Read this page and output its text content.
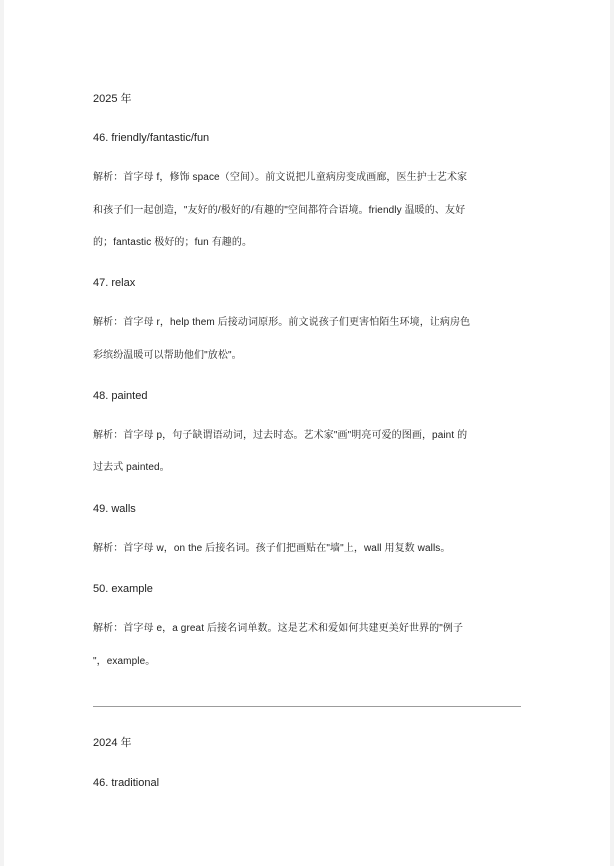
2025 年
46. friendly/fantastic/fun
解析：首字母 f，修饰 space（空间）。前文说把儿童病房变成画廊，医生护士艺术家
和孩子们一起创造，"友好的/极好的/有趣的"空间都符合语境。friendly 温暖的、友好
的；fantastic 极好的；fun 有趣的。
47. relax
解析：首字母 r，help them 后接动词原形。前文说孩子们更害怕陌生环境，让病房色
彩缤纷温暖可以帮助他们"放松"。
48. painted
解析：首字母 p，句子缺谓语动词，过去时态。艺术家"画"明亮可爱的图画，paint 的
过去式 painted。
49. walls
解析：首字母 w，on the 后接名词。孩子们把画贴在"墙"上，wall 用复数 walls。
50. example
解析：首字母 e，a great 后接名词单数。这是艺术和爱如何共建更美好世界的"例子
"，example。
2024 年
46. traditional
